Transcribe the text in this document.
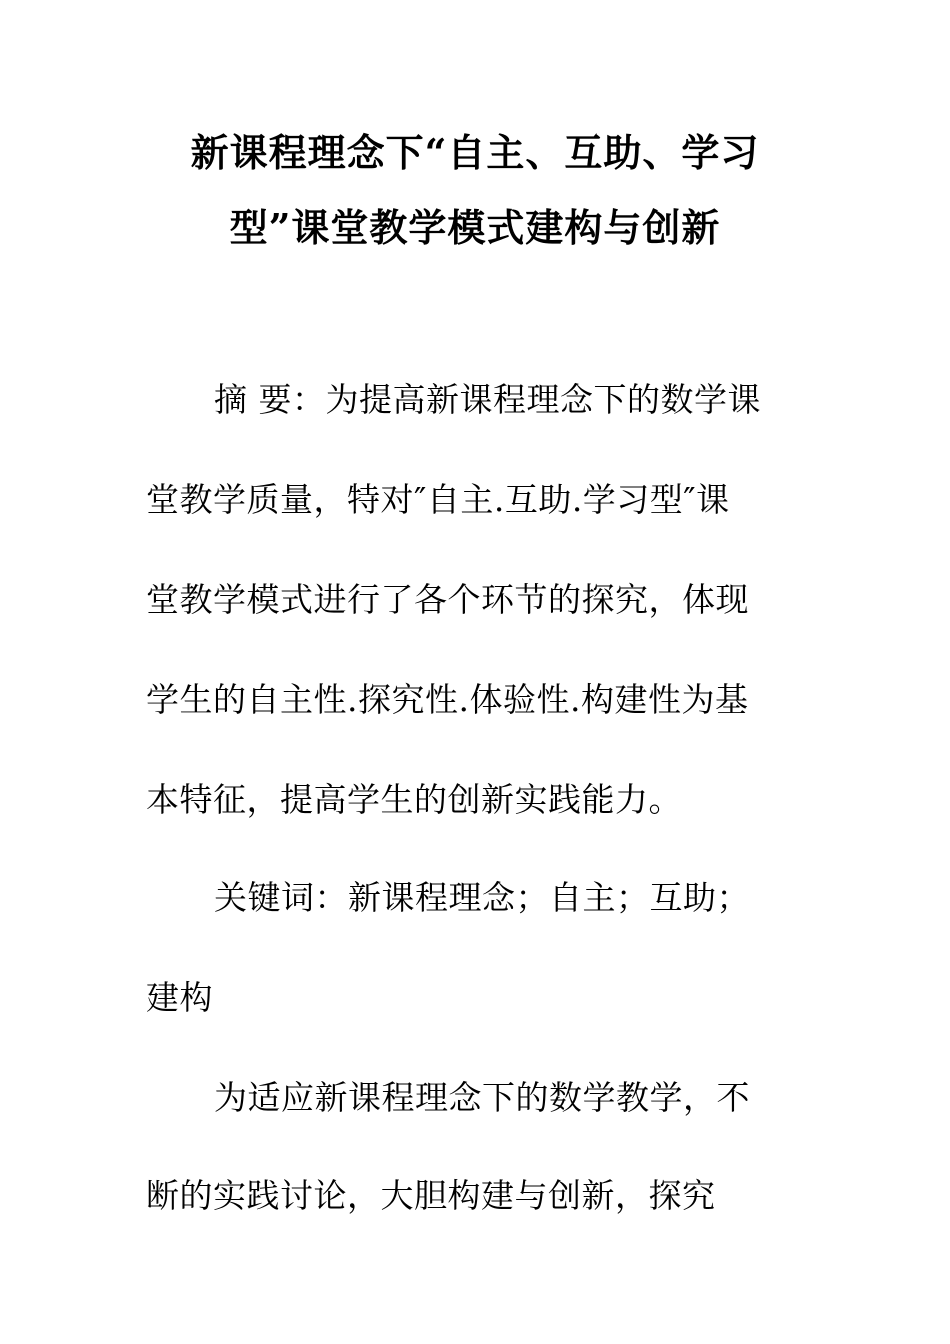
新课程理念下“自主、互助、学习
型”课堂教学模式建构与创新
摘 要：为提高新课程理念下的数学课
堂教学质量，特对″自主.互助.学习型″课
堂教学模式进行了各个环节的探究，体现
学生的自主性.探究性.体验性.构建性为基
本特征，提高学生的创新实践能力。
关键词：新课程理念；自主；互助；
建构
为适应新课程理念下的数学教学，不
断的实践讨论，大胆构建与创新，探究
